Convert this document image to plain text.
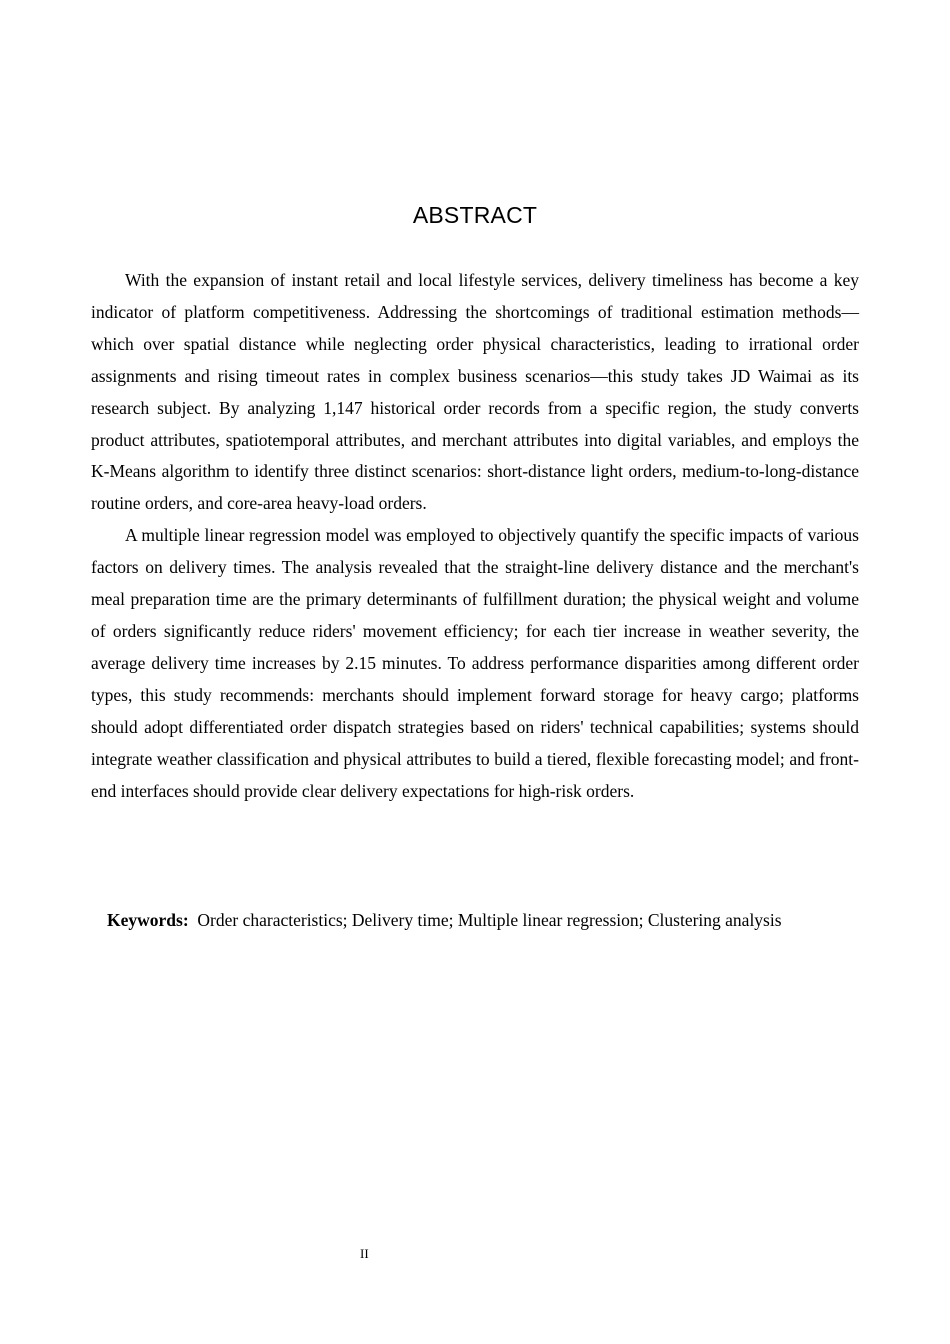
ABSTRACT

With the expansion of instant retail and local lifestyle services, delivery timeliness has become a key indicator of platform competitiveness. Addressing the shortcomings of traditional estimation methods—which over spatial distance while neglecting order physical characteristics, leading to irrational order assignments and rising timeout rates in complex business scenarios—this study takes JD Waimai as its research subject. By analyzing 1,147 historical order records from a specific region, the study converts product attributes, spatiotemporal attributes, and merchant attributes into digital variables, and employs the K-Means algorithm to identify three distinct scenarios: short-distance light orders, medium-to-long-distance routine orders, and core-area heavy-load orders.

A multiple linear regression model was employed to objectively quantify the specific impacts of various factors on delivery times. The analysis revealed that the straight-line delivery distance and the merchant's meal preparation time are the primary determinants of fulfillment duration; the physical weight and volume of orders significantly reduce riders' movement efficiency; for each tier increase in weather severity, the average delivery time increases by 2.15 minutes. To address performance disparities among different order types, this study recommends: merchants should implement forward storage for heavy cargo; platforms should adopt differentiated order dispatch strategies based on riders' technical capabilities; systems should integrate weather classification and physical attributes to build a tiered, flexible forecasting model; and front-end interfaces should provide clear delivery expectations for high-risk orders.

Keywords: Order characteristics; Delivery time; Multiple linear regression; Clustering analysis
II
